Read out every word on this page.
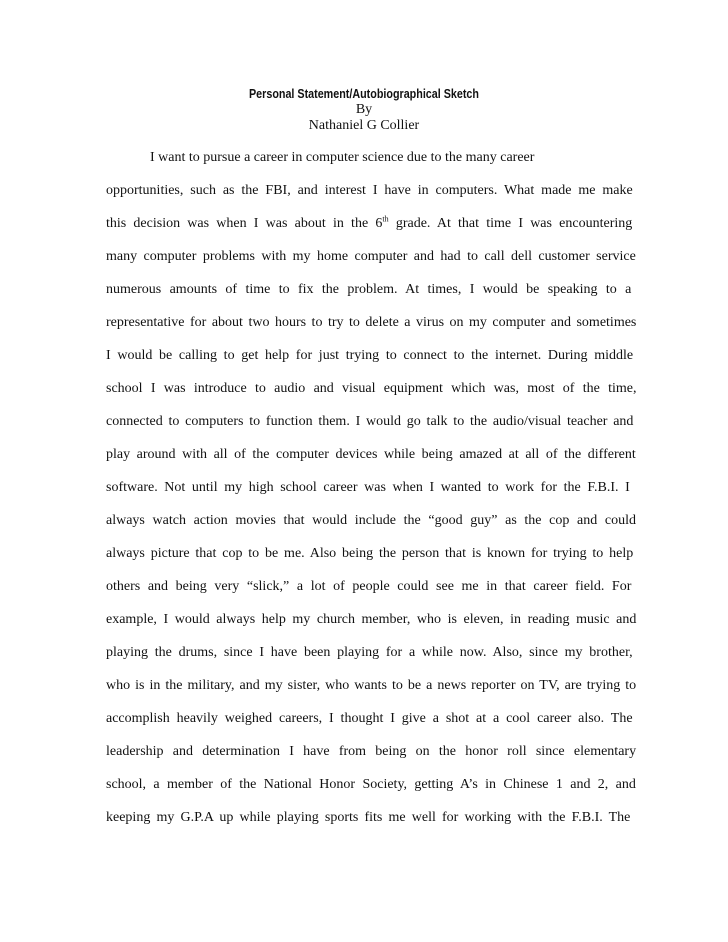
Personal Statement/Autobiographical Sketch
By
Nathaniel G Collier
I want to pursue a career in computer science due to the many career
opportunities, such as the FBI, and interest I have in computers. What made me make
this decision was when I was about in the 6th grade. At that time I was encountering
many computer problems with my home computer and had to call dell customer service
numerous amounts of time to fix the problem. At times, I would be speaking to a
representative for about two hours to try to delete a virus on my computer and sometimes
I would be calling to get help for just trying to connect to the internet. During middle
school I was introduce to audio and visual equipment which was, most of the time,
connected to computers to function them. I would go talk to the audio/visual teacher and
play around with all of the computer devices while being amazed at all of the different
software. Not until my high school career was when I wanted to work for the F.B.I. I
always watch action movies that would include the “good guy” as the cop and could
always picture that cop to be me. Also being the person that is known for trying to help
others and being very “slick,” a lot of people could see me in that career field. For
example, I would always help my church member, who is eleven, in reading music and
playing the drums, since I have been playing for a while now. Also, since my brother,
who is in the military, and my sister, who wants to be a news reporter on TV, are trying to
accomplish heavily weighed careers, I thought I give a shot at a cool career also. The
leadership and determination I have from being on the honor roll since elementary
school, a member of the National Honor Society, getting A’s in Chinese 1 and 2, and
keeping my G.P.A up while playing sports fits me well for working with the F.B.I. The
